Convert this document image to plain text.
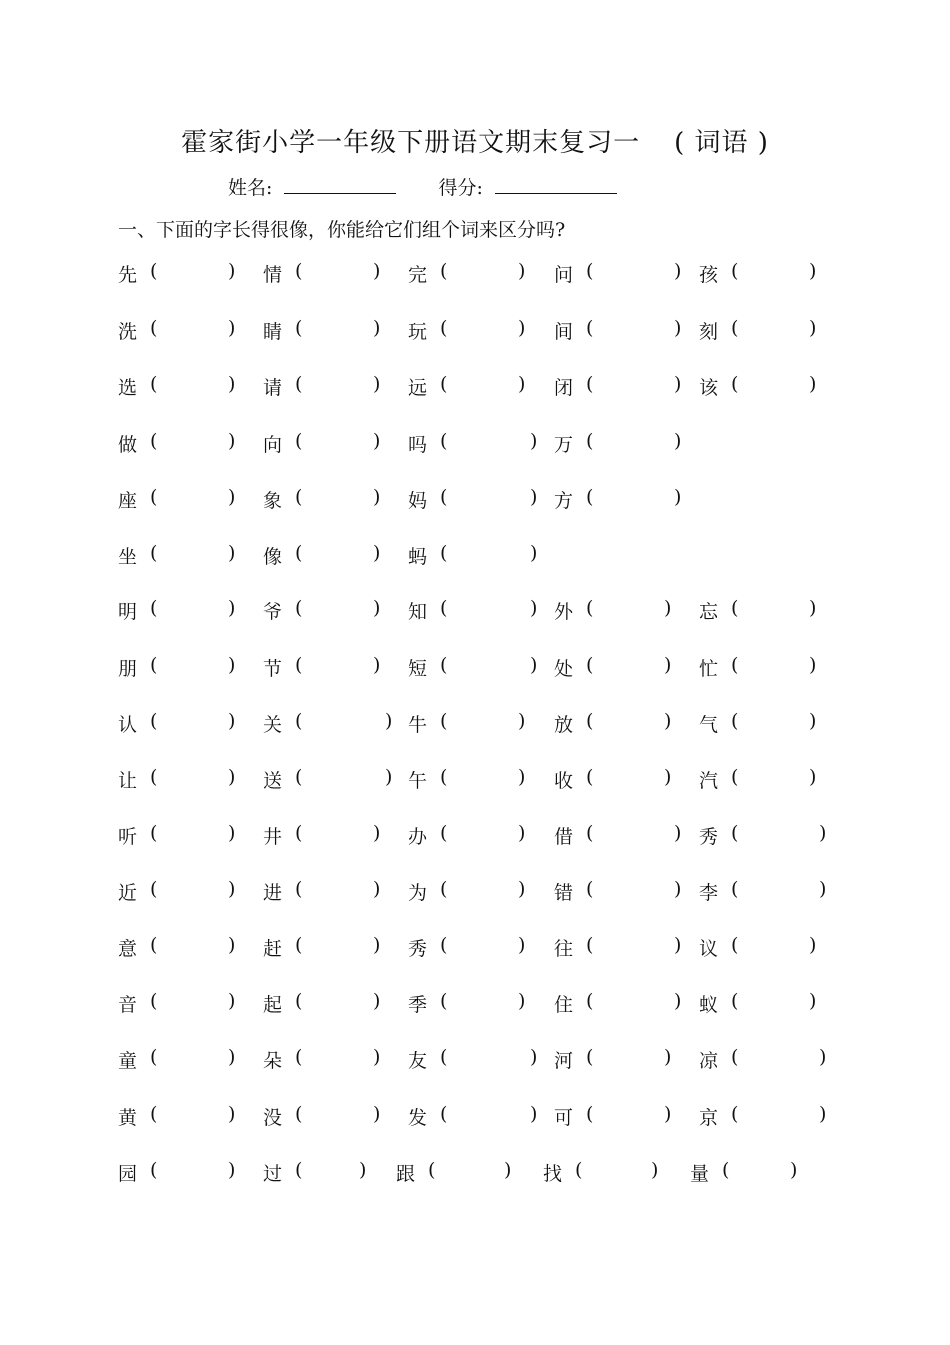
霍家街小学一年级下册语文期末复习一 ( 词语 )
姓名:	得分:
一、下面的字长得很像，你能给它们组个词来区分吗?
先 (	) 情 (	) 完 (	) 问 (	) 孩 (	)
洗 (	) 睛 (	) 玩 (	) 间 (	) 刻 (	)
选 (	) 请 (	) 远 (	) 闭 (	) 该 (	)
做 (	) 向 (	) 吗 (	) 万 (	)
座 (	) 象 (	) 妈 (	) 方 (	)
坐 (	) 像 (	) 蚂 (	)
明 (	) 爷 (	) 知 (	) 外 (	) 忘 (	)
朋 (	) 节 (	) 短 (	) 处 (	) 忙 (	)
认 (	) 关 (	) 牛 (	) 放 (	) 气 (	)
让 (	) 送 (	) 午 (	) 收 (	) 汽 (	)
听 (	) 井 (	) 办 (	) 借 (	) 秀 (	)
近 (	) 进 (	) 为 (	) 错 (	) 李 (	)
意 (	) 赶 (	) 秀 (	) 往 (	) 议 (	)
音 (	) 起 (	) 季 (	) 住 (	) 蚁 (	)
童 (	) 朵 (	) 友 (	) 河 (	) 凉 (	)
黄 (	) 没 (	) 发 (	) 可 (	) 京 (	)
园 (	) 过 (	) 跟 (	) 找 (	) 量 (	)
